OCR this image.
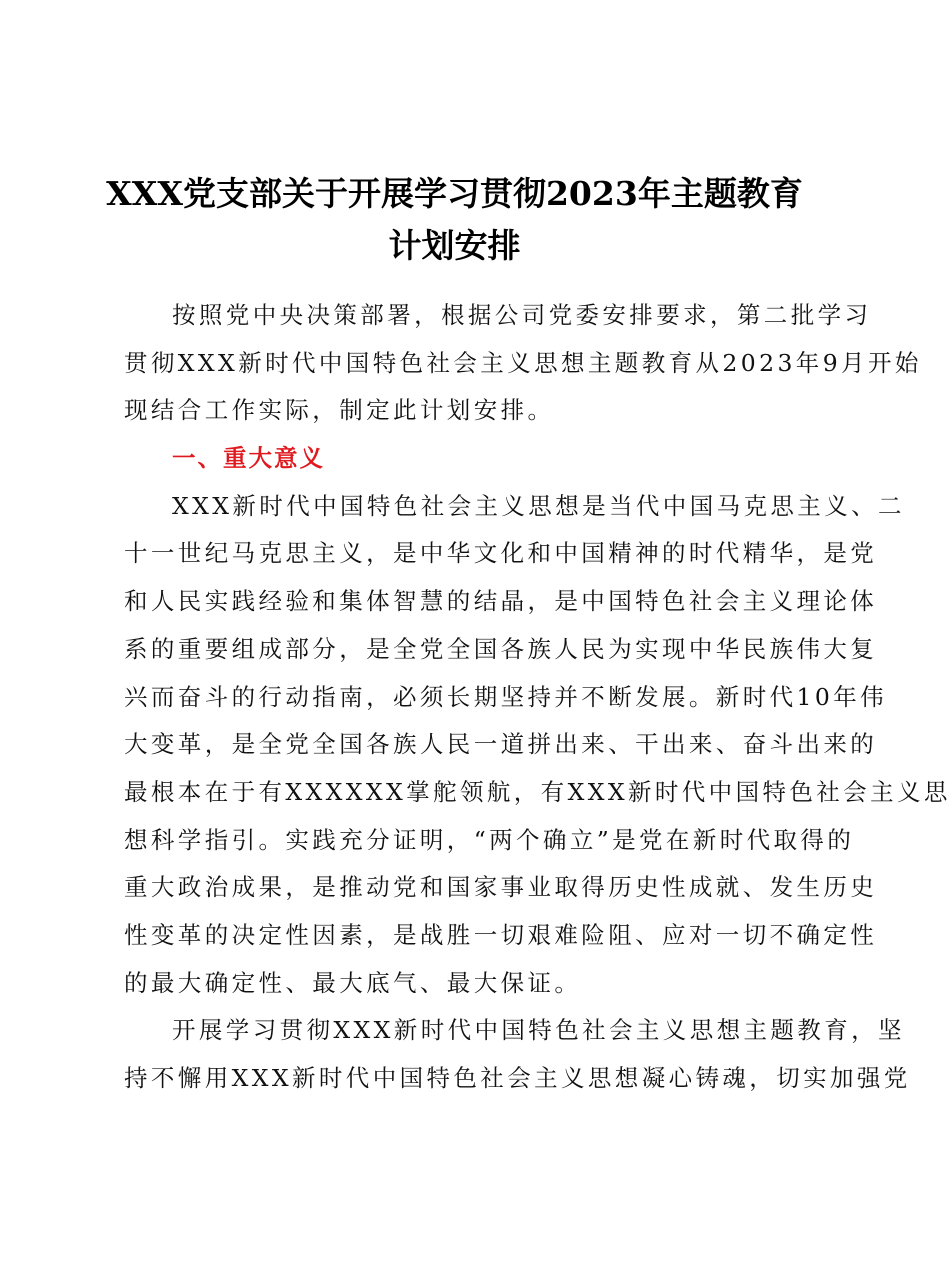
XXX党支部关于开展学习贯彻2023年主题教育
计划安排
按照党中央决策部署，根据公司党委安排要求，第二批学习
贯彻XXX新时代中国特色社会主义思想主题教育从2023年9月开始
现结合工作实际，制定此计划安排。
一、重大意义
XXX新时代中国特色社会主义思想是当代中国马克思主义、二
十一世纪马克思主义，是中华文化和中国精神的时代精华，是党
和人民实践经验和集体智慧的结晶，是中国特色社会主义理论体
系的重要组成部分，是全党全国各族人民为实现中华民族伟大复
兴而奋斗的行动指南，必须长期坚持并不断发展。新时代10年伟
大变革，是全党全国各族人民一道拼出来、干出来、奋斗出来的
最根本在于有XXXXXX掌舵领航，有XXX新时代中国特色社会主义思
想科学指引。实践充分证明，“两个确立”是党在新时代取得的
重大政治成果，是推动党和国家事业取得历史性成就、发生历史
性变革的决定性因素，是战胜一切艰难险阻、应对一切不确定性
的最大确定性、最大底气、最大保证。
开展学习贯彻XXX新时代中国特色社会主义思想主题教育，坚
持不懈用XXX新时代中国特色社会主义思想凝心铸魂，切实加强党
